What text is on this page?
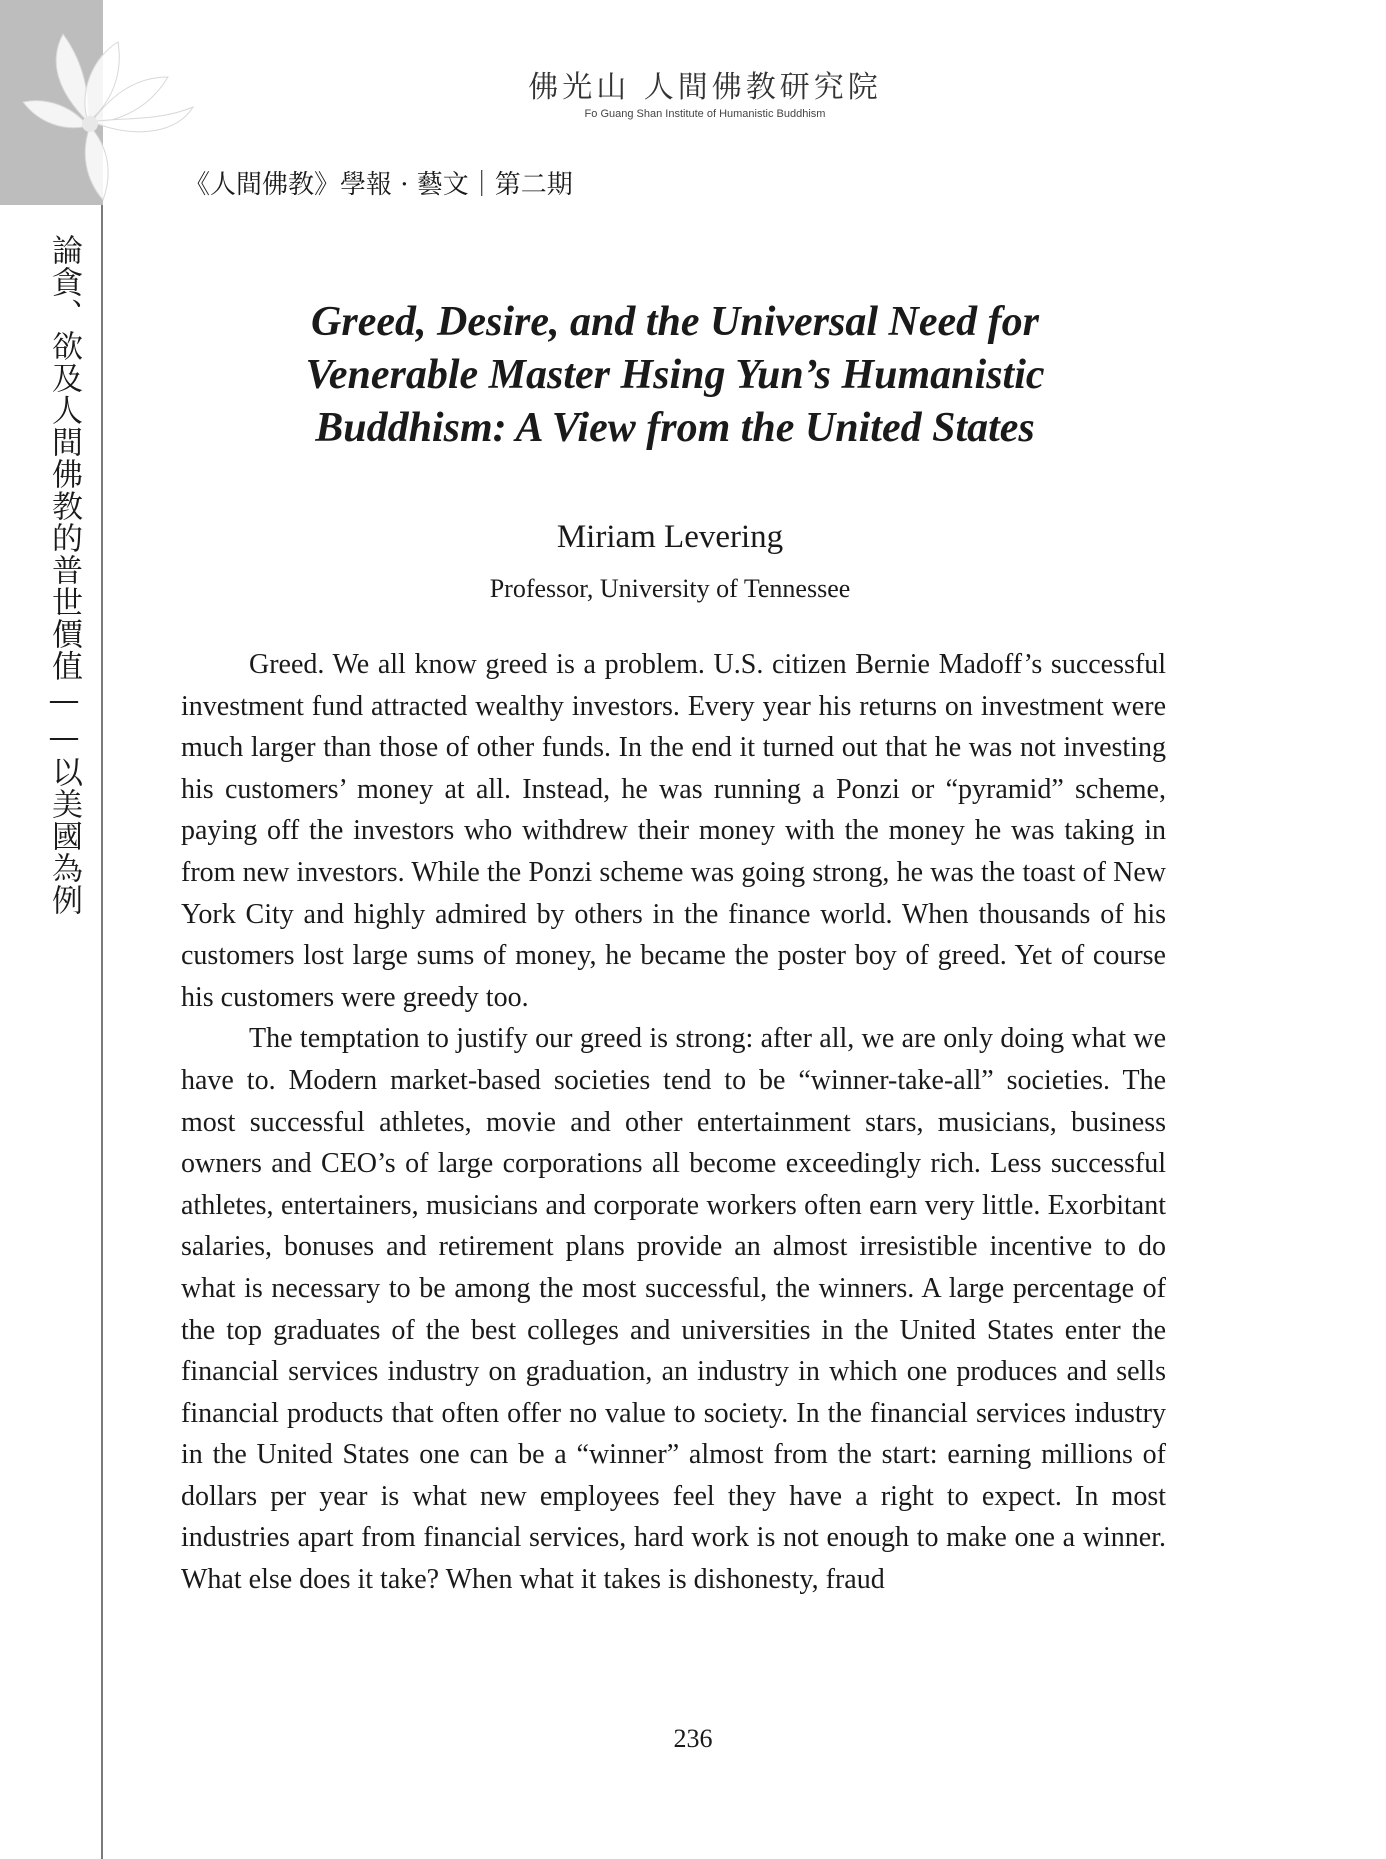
論貪、欲及人間佛教的普世價值——以美國為例
佛光山 人間佛教研究院
Fo Guang Shan Institute of Humanistic Buddhism
《人間佛教》學報 · 藝文｜第二期
Greed, Desire, and the Universal Need for Venerable Master Hsing Yun’s Humanistic Buddhism: A View from the United States
Miriam Levering
Professor, University of Tennessee

Greed. We all know greed is a problem. U.S. citizen Bernie Madoff’s successful investment fund attracted wealthy investors. Every year his returns on investment were much larger than those of other funds. In the end it turned out that he was not investing his customers’ money at all. Instead, he was running a Ponzi or “pyramid” scheme, paying off the investors who withdrew their money with the money he was taking in from new investors. While the Ponzi scheme was going strong, he was the toast of New York City and highly admired by others in the finance world. When thousands of his customers lost large sums of money, he became the poster boy of greed. Yet of course his customers were greedy too.

The temptation to justify our greed is strong: after all, we are only doing what we have to. Modern market-based societies tend to be “winner-take-all” societies. The most successful athletes, movie and other entertainment stars, musicians, business owners and CEO’s of large corporations all become exceedingly rich. Less successful athletes, entertainers, musicians and corporate workers often earn very little. Exorbitant salaries, bonuses and retirement plans provide an almost irresistible incentive to do what is necessary to be among the most successful, the winners. A large percentage of the top graduates of the best colleges and universities in the United States enter the financial services industry on graduation, an industry in which one produces and sells financial products that often offer no value to society. In the financial services industry in the United States one can be a “winner” almost from the start: earning millions of dollars per year is what new employees feel they have a right to expect. In most industries apart from financial services, hard work is not enough to make one a winner. What else does it take? When what it takes is dishonesty, fraud

236
